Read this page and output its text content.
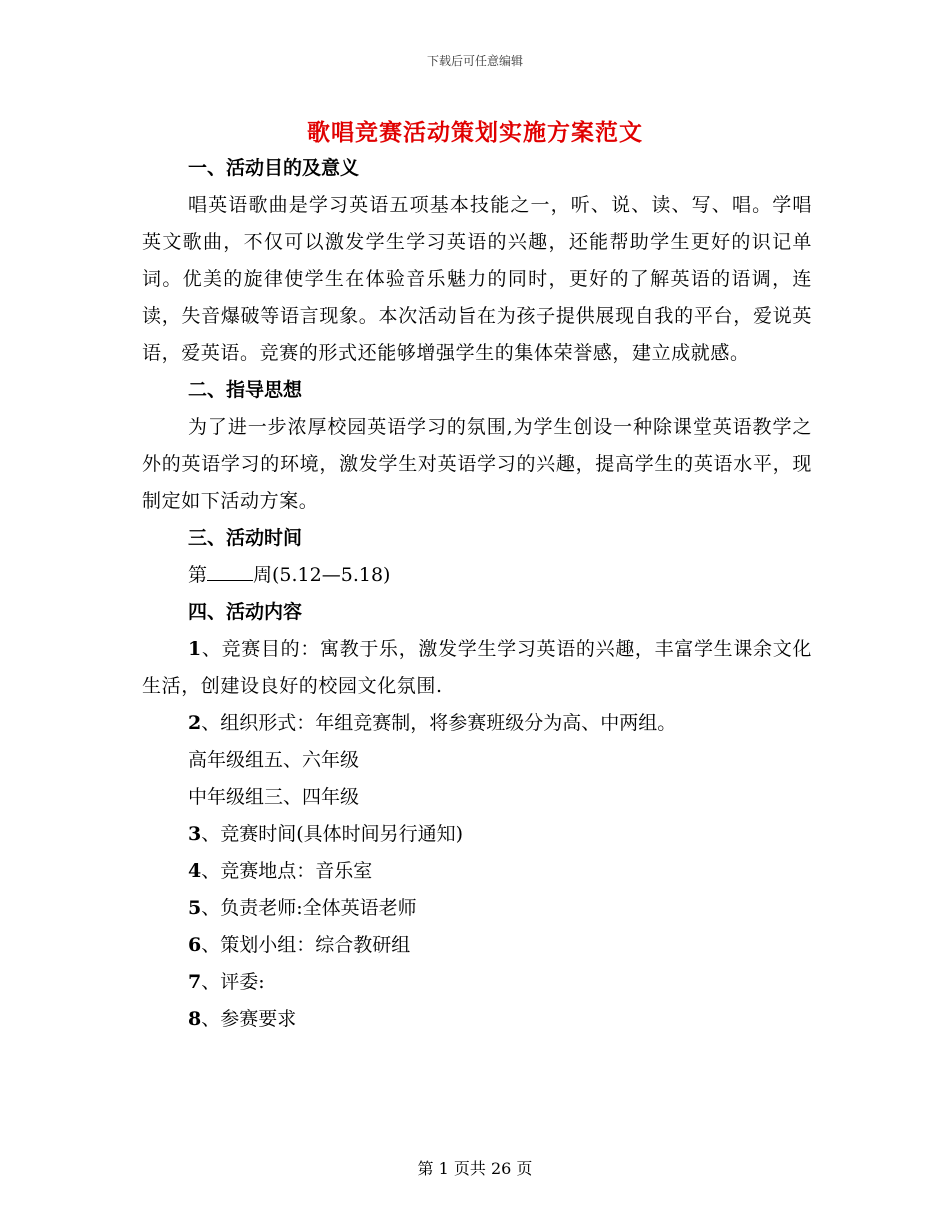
下载后可任意编辑
歌唱竞赛活动策划实施方案范文
一、活动目的及意义
唱英语歌曲是学习英语五项基本技能之一，听、说、读、写、唱。学唱英文歌曲，不仅可以激发学生学习英语的兴趣，还能帮助学生更好的识记单词。优美的旋律使学生在体验音乐魅力的同时，更好的了解英语的语调，连读，失音爆破等语言现象。本次活动旨在为孩子提供展现自我的平台，爱说英语，爱英语。竞赛的形式还能够增强学生的集体荣誉感，建立成就感。
二、指导思想
为了进一步浓厚校园英语学习的氛围,为学生创设一种除课堂英语教学之外的英语学习的环境，激发学生对英语学习的兴趣，提高学生的英语水平，现制定如下活动方案。
三、活动时间
第 周(5.12—5.18)
四、活动内容
1、竞赛目的：寓教于乐，激发学生学习英语的兴趣，丰富学生课余文化生活，创建设良好的校园文化氛围.
2、组织形式：年组竞赛制，将参赛班级分为高、中两组。
高年级组五、六年级
中年级组三、四年级
3、竞赛时间(具体时间另行通知)
4、竞赛地点：音乐室
5、负责老师:全体英语老师
6、策划小组：综合教研组
7、评委:
8、参赛要求
第 1 页共 26 页
